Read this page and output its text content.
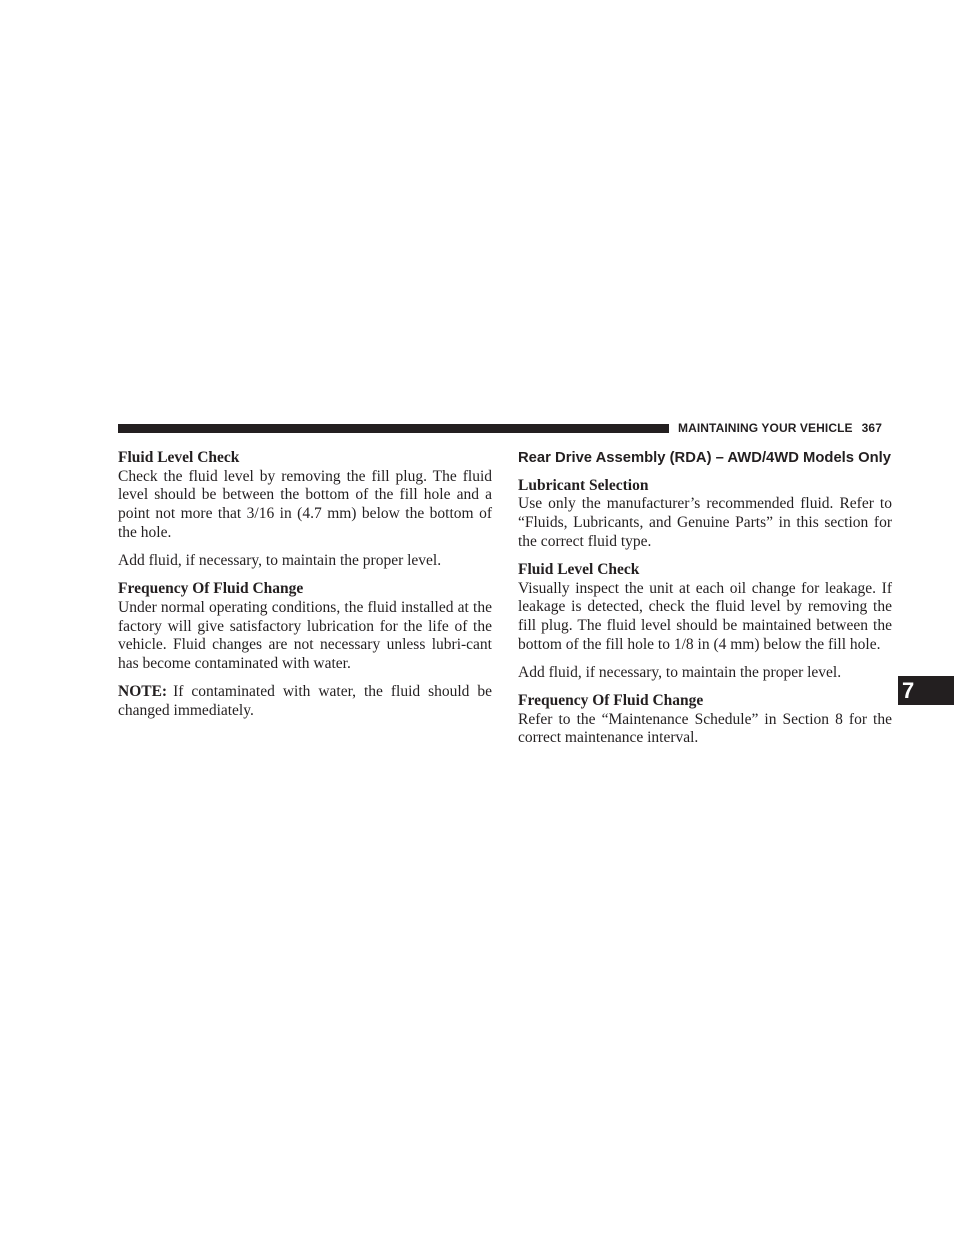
MAINTAINING YOUR VEHICLE 367
Fluid Level Check

Check the fluid level by removing the fill plug. The fluid level should be between the bottom of the fill hole and a point not more that 3/16 in (4.7 mm) below the bottom of the hole.

Add fluid, if necessary, to maintain the proper level.

Frequency Of Fluid Change

Under normal operating conditions, the fluid installed at the factory will give satisfactory lubrication for the life of the vehicle. Fluid changes are not necessary unless lubri-cant has become contaminated with water.

NOTE: If contaminated with water, the fluid should be changed immediately.

Rear Drive Assembly (RDA) – AWD/4WD Models Only
Lubricant Selection

Use only the manufacturer’s recommended fluid. Refer to “Fluids, Lubricants, and Genuine Parts” in this section for the correct fluid type.

Fluid Level Check

Visually inspect the unit at each oil change for leakage. If leakage is detected, check the fluid level by removing the fill plug. The fluid level should be maintained between the bottom of the fill hole to 1/8 in (4 mm) below the fill hole.

Add fluid, if necessary, to maintain the proper level.

Frequency Of Fluid Change

Refer to the “Maintenance Schedule” in Section 8 for the correct maintenance interval.

7
